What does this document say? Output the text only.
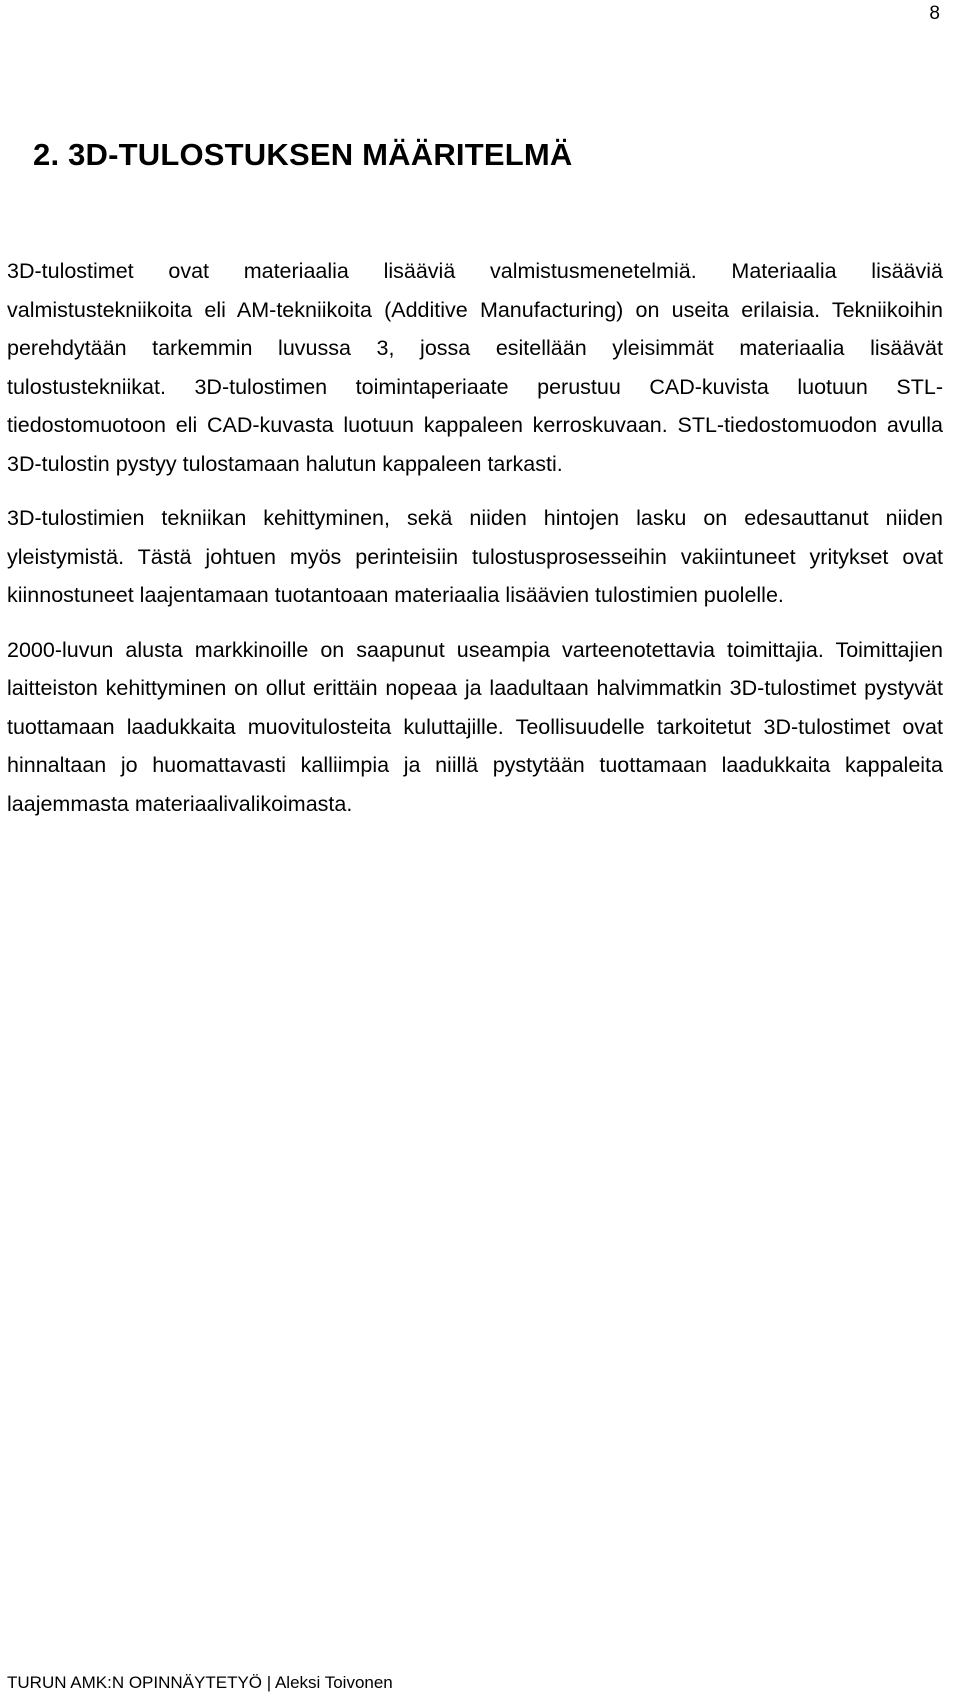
8
2. 3D-TULOSTUKSEN MÄÄRITELMÄ

3D-tulostimet ovat materiaalia lisääviä valmistusmenetelmiä. Materiaalia lisääviä valmistustekniikoita eli AM-tekniikoita (Additive Manufacturing) on useita erilaisia. Tekniikoihin perehdytään tarkemmin luvussa 3, jossa esitellään yleisimmät materiaalia lisäävät tulostustekniikat. 3D-tulostimen toimintaperiaate perustuu CAD-kuvista luotuun STL-tiedostomuotoon eli CAD-kuvasta luotuun kappaleen kerroskuvaan. STL-tiedostomuodon avulla 3D-tulostin pystyy tulostamaan halutun kappaleen tarkasti.

3D-tulostimien tekniikan kehittyminen, sekä niiden hintojen lasku on edesauttanut niiden yleistymistä. Tästä johtuen myös perinteisiin tulostusprosesseihin vakiintuneet yritykset ovat kiinnostuneet laajentamaan tuotantoaan materiaalia lisäävien tulostimien puolelle.

2000-luvun alusta markkinoille on saapunut useampia varteenotettavia toimittajia. Toimittajien laitteiston kehittyminen on ollut erittäin nopeaa ja laadultaan halvimmatkin 3D-tulostimet pystyvät tuottamaan laadukkaita muovitulosteita kuluttajille. Teollisuudelle tarkoitetut 3D-tulostimet ovat hinnaltaan jo huomattavasti kalliimpia ja niillä pystytään tuottamaan laadukkaita kappaleita laajemmasta materiaalivalikoimasta.

TURUN AMK:N OPINNÄYTETYÖ | Aleksi Toivonen
